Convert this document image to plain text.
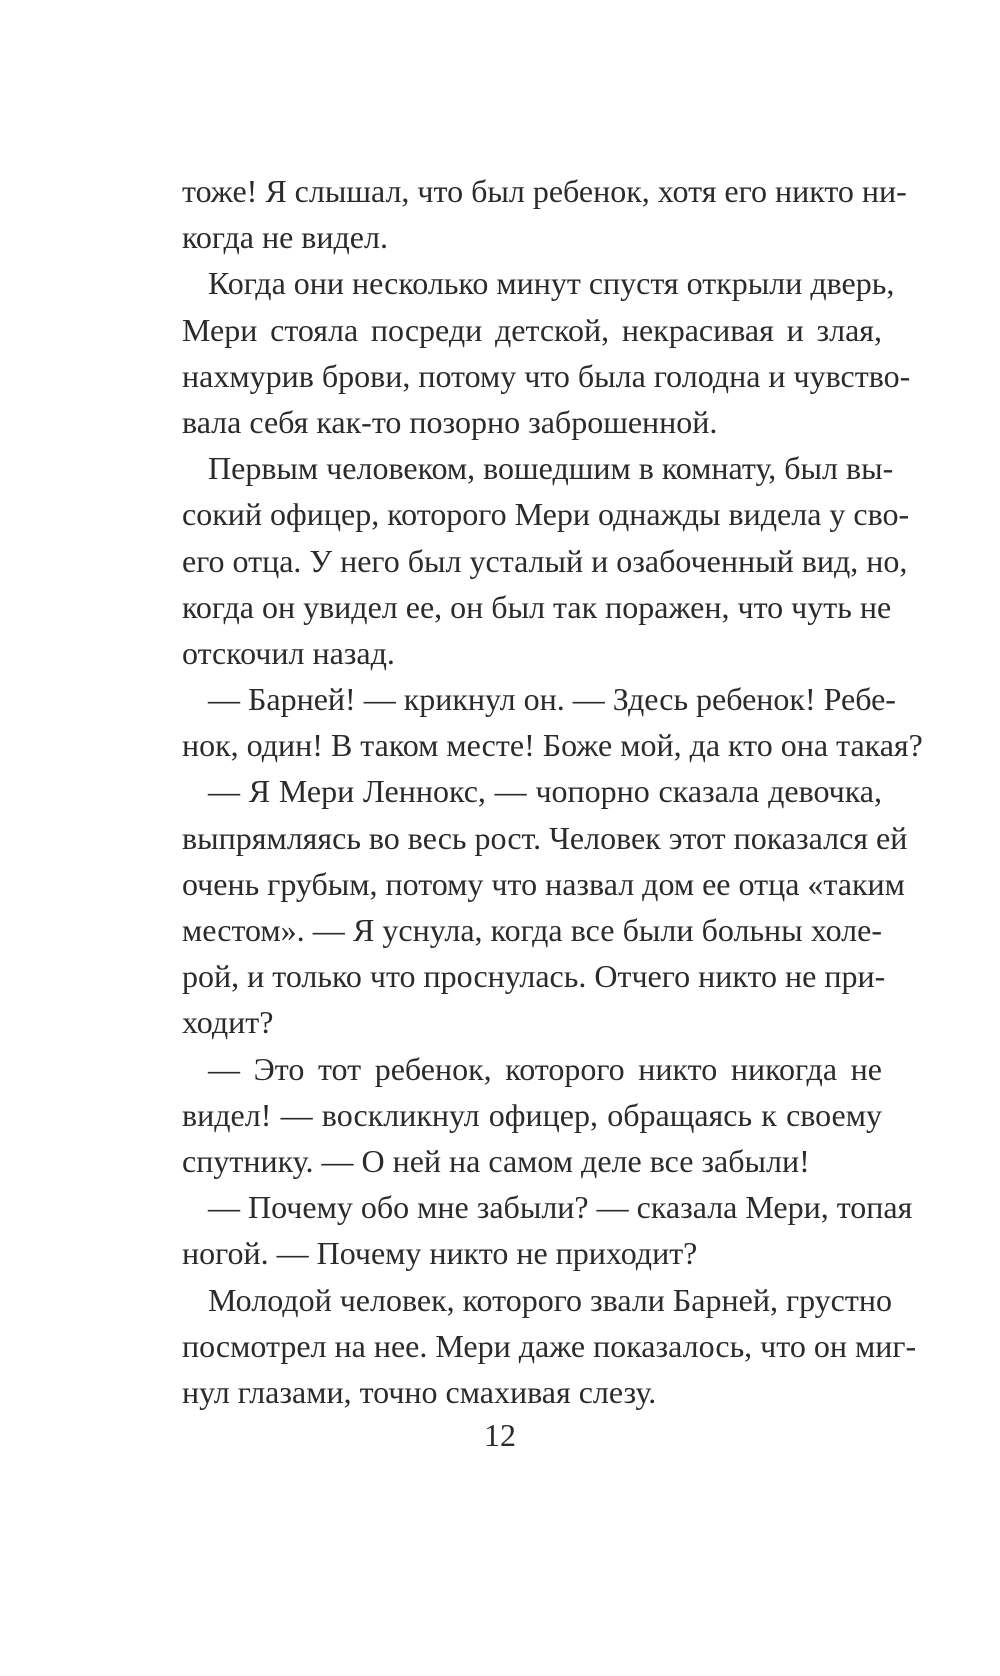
тоже! Я слышал, что был ребенок, хотя его никто ни-
когда не видел.
Когда они несколько минут спустя открыли дверь,
Мери стояла посреди детской, некрасивая и злая,
нахмурив брови, потому что была голодна и чувство-
вала себя как-то позорно заброшенной.
Первым человеком, вошедшим в комнату, был вы-
сокий офицер, которого Мери однажды видела у сво-
его отца. У него был усталый и озабоченный вид, но,
когда он увидел ее, он был так поражен, что чуть не
отскочил назад.
— Барней! — крикнул он. — Здесь ребенок! Ребе-
нок, один! В таком месте! Боже мой, да кто она такая?
— Я Мери Леннокс, — чопорно сказала девочка,
выпрямляясь во весь рост. Человек этот показался ей
очень грубым, потому что назвал дом ее отца «таким
местом». — Я уснула, когда все были больны холе-
рой, и только что проснулась. Отчего никто не при-
ходит?
— Это тот ребенок, которого никто никогда не
видел! — воскликнул офицер, обращаясь к своему
спутнику. — О ней на самом деле все забыли!
— Почему обо мне забыли? — сказала Мери, топая
ногой. — Почему никто не приходит?
Молодой человек, которого звали Барней, грустно
посмотрел на нее. Мери даже показалось, что он миг-
нул глазами, точно смахивая слезу.
12
